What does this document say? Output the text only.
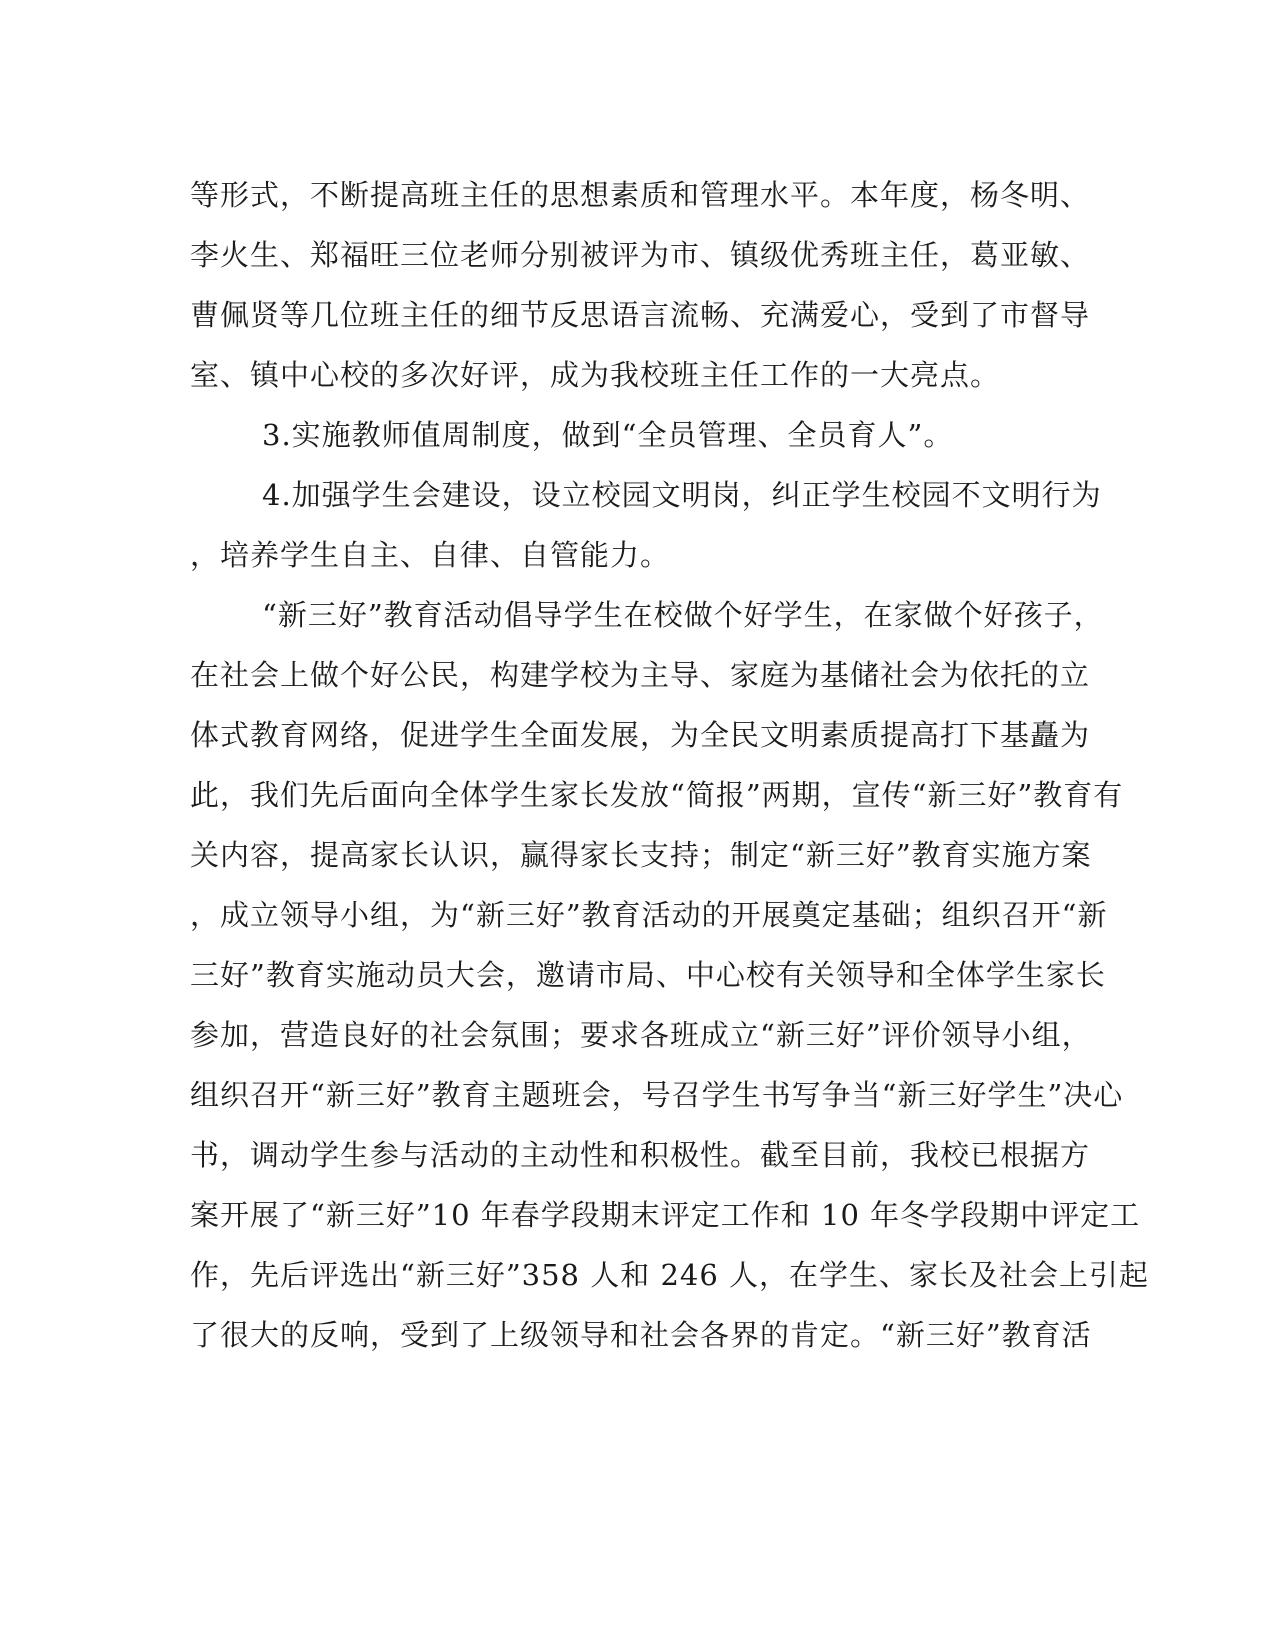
等形式，不断提高班主任的思想素质和管理水平。本年度，杨冬明、
李火生、郑福旺三位老师分别被评为市、镇级优秀班主任，葛亚敏、
曹佩贤等几位班主任的细节反思语言流畅、充满爱心，受到了市督导
室、镇中心校的多次好评，成为我校班主任工作的一大亮点。
3.实施教师值周制度，做到“全员管理、全员育人”。
4.加强学生会建设，设立校园文明岗，纠正学生校园不文明行为
，培养学生自主、自律、自管能力。
“新三好”教育活动倡导学生在校做个好学生，在家做个好孩子，
在社会上做个好公民，构建学校为主导、家庭为基储社会为依托的立
体式教育网络，促进学生全面发展，为全民文明素质提高打下基矗为
此，我们先后面向全体学生家长发放“简报”两期，宣传“新三好”教育有
关内容，提高家长认识，赢得家长支持；制定“新三好”教育实施方案
，成立领导小组，为“新三好”教育活动的开展奠定基础；组织召开“新
三好”教育实施动员大会，邀请市局、中心校有关领导和全体学生家长
参加，营造良好的社会氛围；要求各班成立“新三好”评价领导小组，
组织召开“新三好”教育主题班会，号召学生书写争当“新三好学生”决心
书，调动学生参与活动的主动性和积极性。截至目前，我校已根据方
案开展了“新三好”10 年春学段期末评定工作和 10 年冬学段期中评定工
作，先后评选出“新三好”358 人和 246 人，在学生、家长及社会上引起
了很大的反响，受到了上级领导和社会各界的肯定。“新三好”教育活
